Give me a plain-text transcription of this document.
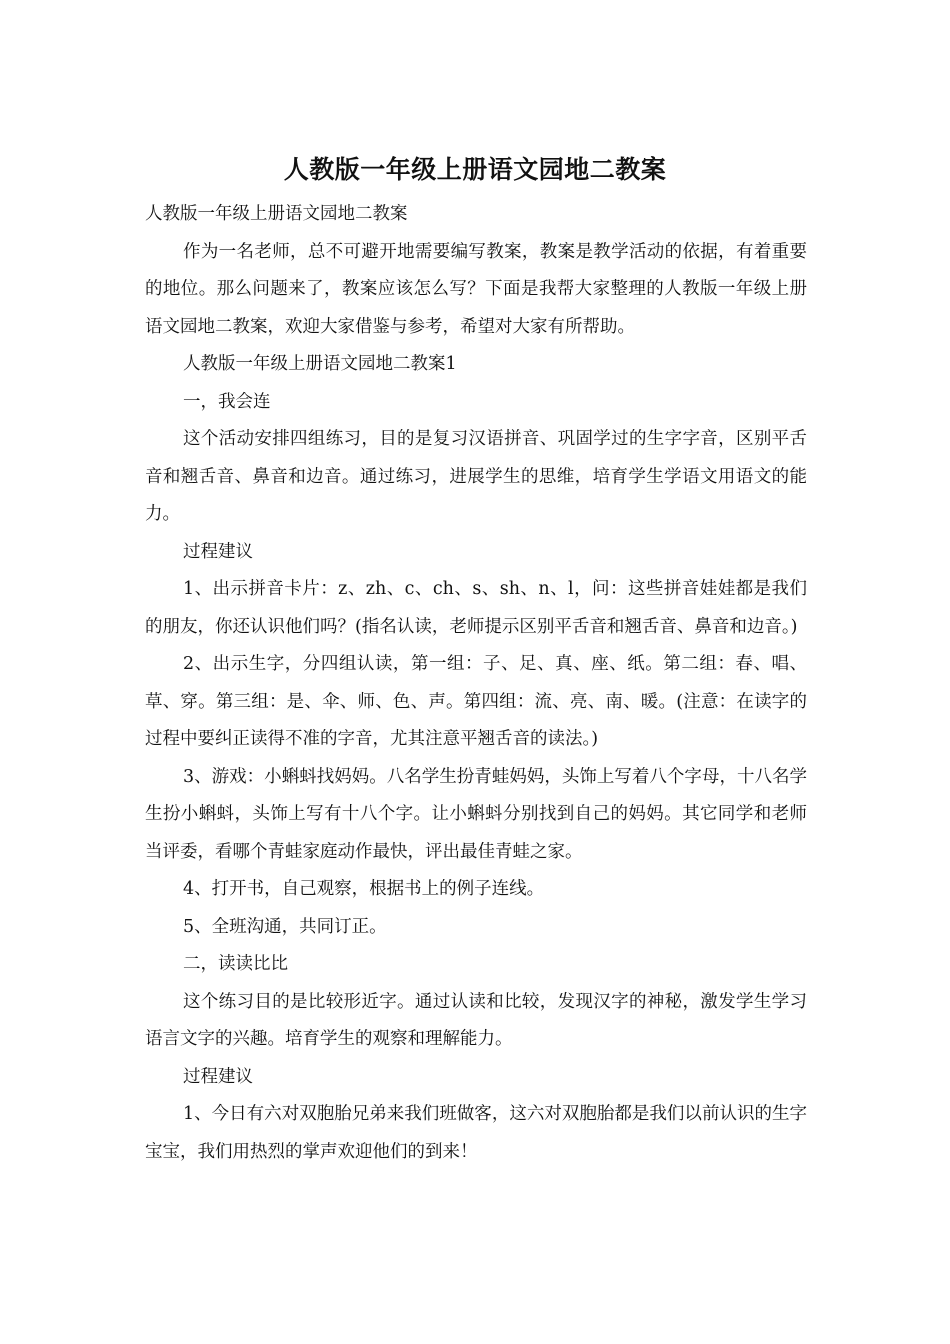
人教版一年级上册语文园地二教案

人教版一年级上册语文园地二教案

作为一名老师，总不可避开地需要编写教案，教案是教学活动的依据，有着重要的地位。那么问题来了，教案应该怎么写？下面是我帮大家整理的人教版一年级上册语文园地二教案，欢迎大家借鉴与参考，希望对大家有所帮助。

人教版一年级上册语文园地二教案1

一，我会连

这个活动安排四组练习，目的是复习汉语拼音、巩固学过的生字字音，区别平舌音和翘舌音、鼻音和边音。通过练习，进展学生的思维，培育学生学语文用语文的能力。

过程建议

1、出示拼音卡片：z、zh、c、ch、s、sh、n、l，问：这些拼音娃娃都是我们的朋友，你还认识他们吗？(指名认读，老师提示区别平舌音和翘舌音、鼻音和边音。)

2、出示生字，分四组认读，第一组：子、足、真、座、纸。第二组：春、唱、草、穿。第三组：是、伞、师、色、声。第四组：流、亮、南、暖。(注意：在读字的过程中要纠正读得不准的字音，尤其注意平翘舌音的读法。)

3、游戏：小蝌蚪找妈妈。八名学生扮青蛙妈妈，头饰上写着八个字母，十八名学生扮小蝌蚪，头饰上写有十八个字。让小蝌蚪分别找到自己的妈妈。其它同学和老师当评委，看哪个青蛙家庭动作最快，评出最佳青蛙之家。

4、打开书，自己观察，根据书上的例子连线。

5、全班沟通，共同订正。

二，读读比比

这个练习目的是比较形近字。通过认读和比较，发现汉字的神秘，激发学生学习语言文字的兴趣。培育学生的观察和理解能力。

过程建议

1、今日有六对双胞胎兄弟来我们班做客，这六对双胞胎都是我们以前认识的生字宝宝，我们用热烈的掌声欢迎他们的到来！
